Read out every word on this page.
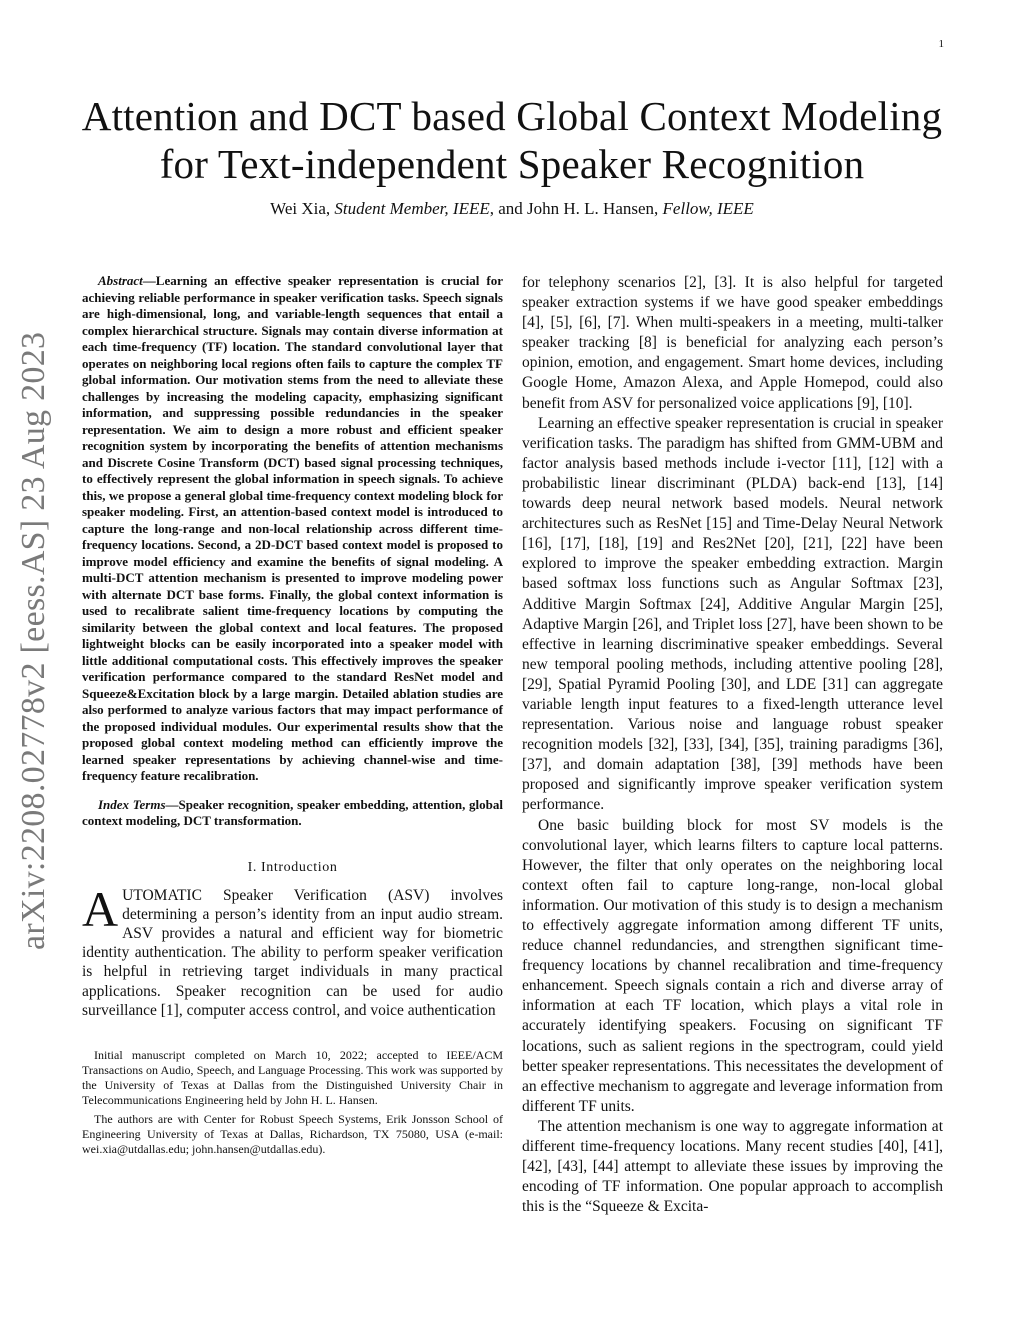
1
arXiv:2208.02778v2 [eess.AS] 23 Aug 2023
Attention and DCT based Global Context Modeling
for Text-independent Speaker Recognition
Wei Xia, Student Member, IEEE, and John H. L. Hansen, Fellow, IEEE

Abstract—Learning an effective speaker representation is crucial for achieving reliable performance in speaker verification tasks. Speech signals are high-dimensional, long, and variable-length sequences that entail a complex hierarchical structure. Signals may contain diverse information at each time-frequency (TF) location. The standard convolutional layer that operates on neighboring local regions often fails to capture the complex TF global information. Our motivation stems from the need to alleviate these challenges by increasing the modeling capacity, emphasizing significant information, and suppressing possible redundancies in the speaker representation. We aim to design a more robust and efficient speaker recognition system by incorporating the benefits of attention mechanisms and Discrete Cosine Transform (DCT) based signal processing techniques, to effectively represent the global information in speech signals. To achieve this, we propose a general global time-frequency context modeling block for speaker modeling. First, an attention-based context model is introduced to capture the long-range and non-local relationship across different time-frequency locations. Second, a 2D-DCT based context model is proposed to improve model efficiency and examine the benefits of signal modeling. A multi-DCT attention mechanism is presented to improve modeling power with alternate DCT base forms. Finally, the global context information is used to recalibrate salient time-frequency locations by computing the similarity between the global context and local features. The proposed lightweight blocks can be easily incorporated into a speaker model with little additional computational costs. This effectively improves the speaker verification performance compared to the standard ResNet model and Squeeze&Excitation block by a large margin. Detailed ablation studies are also performed to analyze various factors that may impact performance of the proposed individual modules. Our experimental results show that the proposed global context modeling method can efficiently improve the learned speaker representations by achieving channel-wise and time-frequency feature recalibration.

Index Terms—Speaker recognition, speaker embedding, attention, global context modeling, DCT transformation.

I. Introduction

AUTOMATIC Speaker Verification (ASV) involves determining a person’s identity from an input audio stream. ASV provides a natural and efficient way for biometric identity authentication. The ability to perform speaker verification is helpful in retrieving target individuals in many practical applications. Speaker recognition can be used for audio surveillance [1], computer access control, and voice authentication

Initial manuscript completed on March 10, 2022; accepted to IEEE/ACM Transactions on Audio, Speech, and Language Processing. This work was supported by the University of Texas at Dallas from the Distinguished University Chair in Telecommunications Engineering held by John H. L. Hansen.

The authors are with Center for Robust Speech Systems, Erik Jonsson School of Engineering University of Texas at Dallas, Richardson, TX 75080, USA (e-mail: wei.xia@utdallas.edu; john.hansen@utdallas.edu).

for telephony scenarios [2], [3]. It is also helpful for targeted speaker extraction systems if we have good speaker embeddings [4], [5], [6], [7]. When multi-speakers in a meeting, multi-talker speaker tracking [8] is beneficial for analyzing each person’s opinion, emotion, and engagement. Smart home devices, including Google Home, Amazon Alexa, and Apple Homepod, could also benefit from ASV for personalized voice applications [9], [10].

Learning an effective speaker representation is crucial in speaker verification tasks. The paradigm has shifted from GMM-UBM and factor analysis based methods include i-vector [11], [12] with a probabilistic linear discriminant (PLDA) back-end [13], [14] towards deep neural network based models. Neural network architectures such as ResNet [15] and Time-Delay Neural Network [16], [17], [18], [19] and Res2Net [20], [21], [22] have been explored to improve the speaker embedding extraction. Margin based softmax loss functions such as Angular Softmax [23], Additive Margin Softmax [24], Additive Angular Margin [25], Adaptive Margin [26], and Triplet loss [27], have been shown to be effective in learning discriminative speaker embeddings. Several new temporal pooling methods, including attentive pooling [28], [29], Spatial Pyramid Pooling [30], and LDE [31] can aggregate variable length input features to a fixed-length utterance level representation. Various noise and language robust speaker recognition models [32], [33], [34], [35], training paradigms [36], [37], and domain adaptation [38], [39] methods have been proposed and significantly improve speaker verification system performance.

One basic building block for most SV models is the convolutional layer, which learns filters to capture local patterns. However, the filter that only operates on the neighboring local context often fail to capture long-range, non-local global information. Our motivation of this study is to design a mechanism to effectively aggregate information among different TF units, reduce channel redundancies, and strengthen significant time-frequency locations by channel recalibration and time-frequency enhancement. Speech signals contain a rich and diverse array of information at each TF location, which plays a vital role in accurately identifying speakers. Focusing on significant TF locations, such as salient regions in the spectrogram, could yield better speaker representations. This necessitates the development of an effective mechanism to aggregate and leverage information from different TF units.

The attention mechanism is one way to aggregate information at different time-frequency locations. Many recent studies [40], [41], [42], [43], [44] attempt to alleviate these issues by improving the encoding of TF information. One popular approach to accomplish this is the “Squeeze & Excita-
